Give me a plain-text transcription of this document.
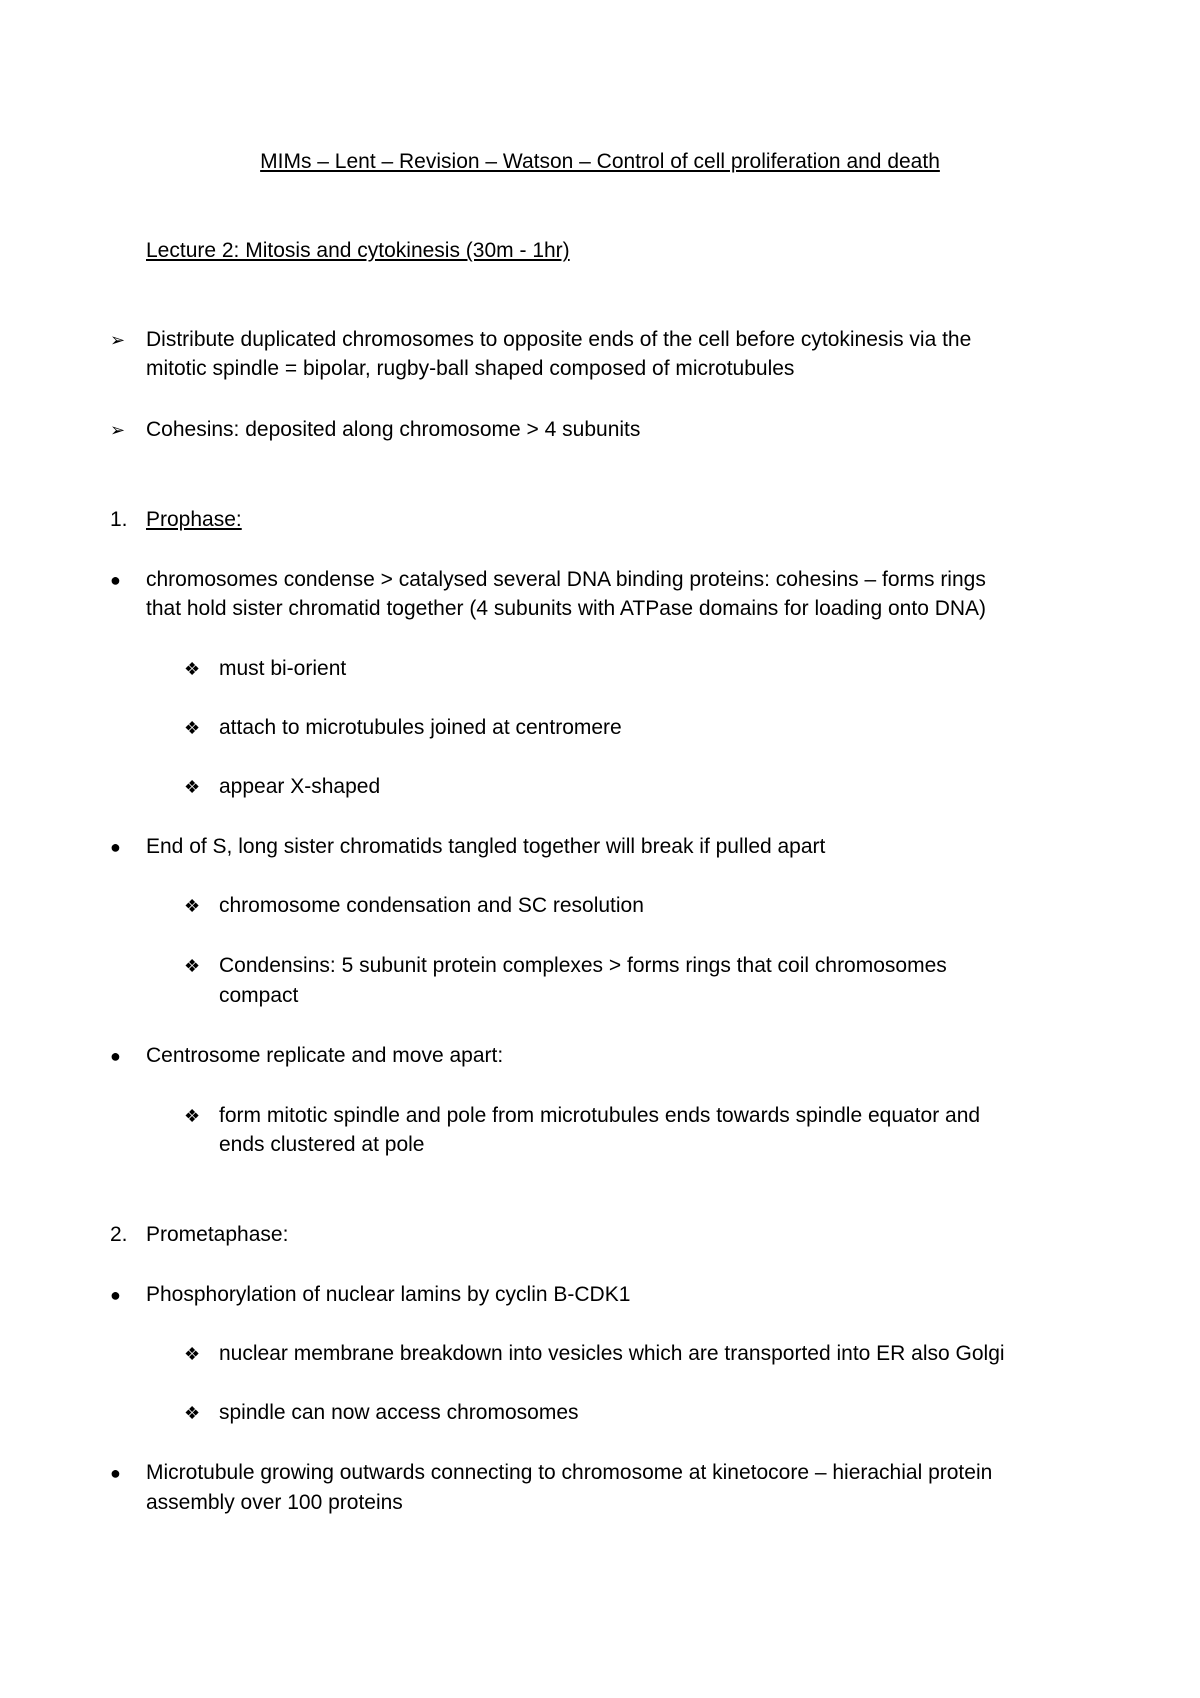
MIMs – Lent – Revision – Watson – Control of cell proliferation and death
Lecture 2: Mitosis and cytokinesis (30m - 1hr)
➢ Distribute duplicated chromosomes to opposite ends of the cell before cytokinesis via the
mitotic spindle = bipolar, rugby-ball shaped composed of microtubules
➢ Cohesins: deposited along chromosome > 4 subunits
1. Prophase:
● chromosomes condense > catalysed several DNA binding proteins: cohesins – forms rings
that hold sister chromatid together (4 subunits with ATPase domains for loading onto DNA)
❖ must bi-orient
❖ attach to microtubules joined at centromere
❖ appear X-shaped
● End of S, long sister chromatids tangled together will break if pulled apart
❖ chromosome condensation and SC resolution
❖ Condensins: 5 subunit protein complexes > forms rings that coil chromosomes
compact
● Centrosome replicate and move apart:
❖ form mitotic spindle and pole from microtubules ends towards spindle equator and
ends clustered at pole
2. Prometaphase:
● Phosphorylation of nuclear lamins by cyclin B-CDK1
❖ nuclear membrane breakdown into vesicles which are transported into ER also Golgi
❖ spindle can now access chromosomes
● Microtubule growing outwards connecting to chromosome at kinetocore – hierachial protein
assembly over 100 proteins
